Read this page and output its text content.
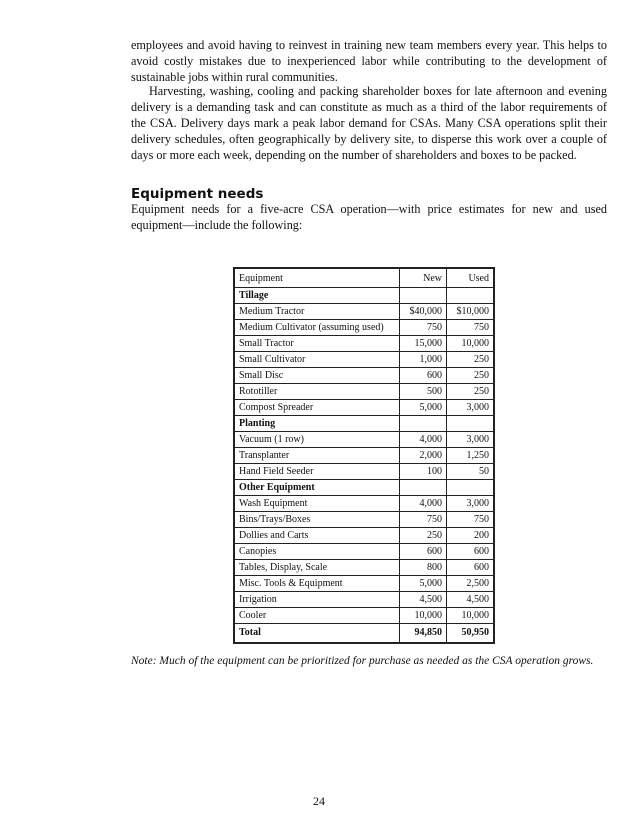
employees and avoid having to reinvest in training new team members every year. This helps to avoid costly mistakes due to inexperienced labor while contributing to the development of sustainable jobs within rural communities.

Harvesting, washing, cooling and packing shareholder boxes for late afternoon and evening delivery is a demanding task and can constitute as much as a third of the labor requirements of the CSA. Delivery days mark a peak labor demand for CSAs. Many CSA operations split their delivery schedules, often geographically by delivery site, to disperse this work over a couple of days or more each week, depending on the number of shareholders and boxes to be packed.

Equipment needs

Equipment needs for a five-acre CSA operation—with price estimates for new and used equipment—include the following:

Equipment	New	Used
Tillage		
Medium Tractor	$40,000	$10,000
Medium Cultivator (assuming used)	750	750
Small Tractor	15,000	10,000
Small Cultivator	1,000	250
Small Disc	600	250
Rototiller	500	250
Compost Spreader	5,000	3,000
Planting		
Vacuum (1 row)	4,000	3,000
Transplanter	2,000	1,250
Hand Field Seeder	100	50
Other Equipment		
Wash Equipment	4,000	3,000
Bins/Trays/Boxes	750	750
Dollies and Carts	250	200
Canopies	600	600
Tables, Display, Scale	800	600
Misc. Tools & Equipment	5,000	2,500
Irrigation	4,500	4,500
Cooler	10,000	10,000
Total	94,850	50,950

Note: Much of the equipment can be prioritized for purchase as needed as the CSA operation grows.

24
